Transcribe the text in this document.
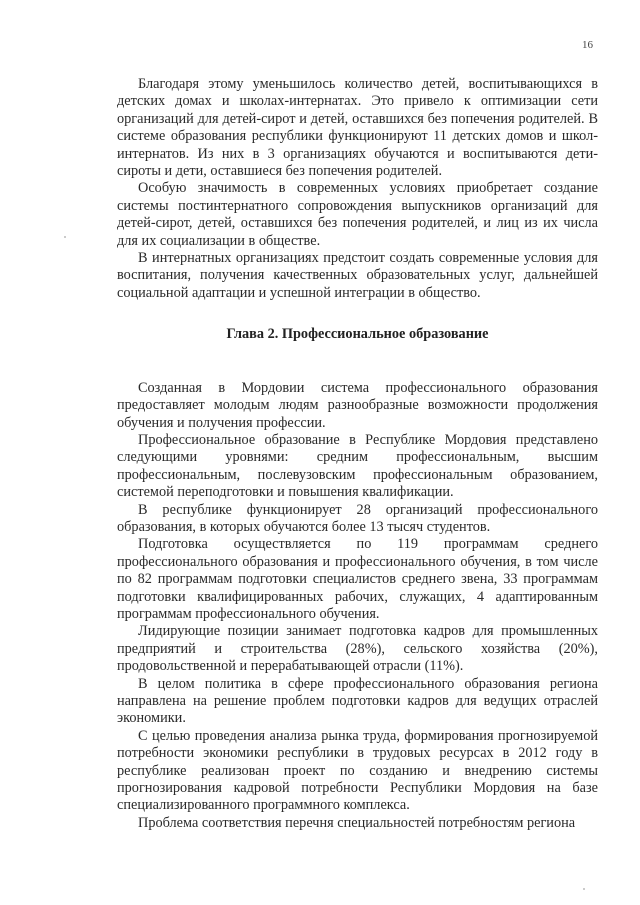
16

Благодаря этому уменьшилось количество детей, воспитывающихся в детских домах и школах-интернатах. Это привело к оптимизации сети организаций для детей-сирот и детей, оставшихся без попечения родителей. В системе образования республики функционируют 11 детских домов и школ-интернатов. Из них в 3 организациях обучаются и воспитываются дети-сироты и дети, оставшиеся без попечения родителей.

Особую значимость в современных условиях приобретает создание системы постинтернатного сопровождения выпускников организаций для детей-сирот, детей, оставшихся без попечения родителей, и лиц из их числа для их социализации в обществе.

В интернатных организациях предстоит создать современные условия для воспитания, получения качественных образовательных услуг, дальнейшей социальной адаптации и успешной интеграции в общество.

Глава 2. Профессиональное образование

Созданная в Мордовии система профессионального образования предоставляет молодым людям разнообразные возможности продолжения обучения и получения профессии.

Профессиональное образование в Республике Мордовия представлено следующими уровнями: средним профессиональным, высшим профессиональным, послевузовским профессиональным образованием, системой переподготовки и повышения квалификации.

В республике функционирует 28 организаций профессионального образования, в которых обучаются более 13 тысяч студентов.

Подготовка осуществляется по 119 программам среднего профессионального образования и профессионального обучения, в том числе по 82 программам подготовки специалистов среднего звена, 33 программам подготовки квалифицированных рабочих, служащих, 4 адаптированным программам профессионального обучения.

Лидирующие позиции занимает подготовка кадров для промышленных предприятий и строительства (28%), сельского хозяйства (20%), продовольственной и перерабатывающей отрасли (11%).

В целом политика в сфере профессионального образования региона направлена на решение проблем подготовки кадров для ведущих отраслей экономики.

С целью проведения анализа рынка труда, формирования прогнозируемой потребности экономики республики в трудовых ресурсах в 2012 году в республике реализован проект по созданию и внедрению системы прогнозирования кадровой потребности Республики Мордовия на базе специализированного программного комплекса.

Проблема соответствия перечня специальностей потребностям региона
